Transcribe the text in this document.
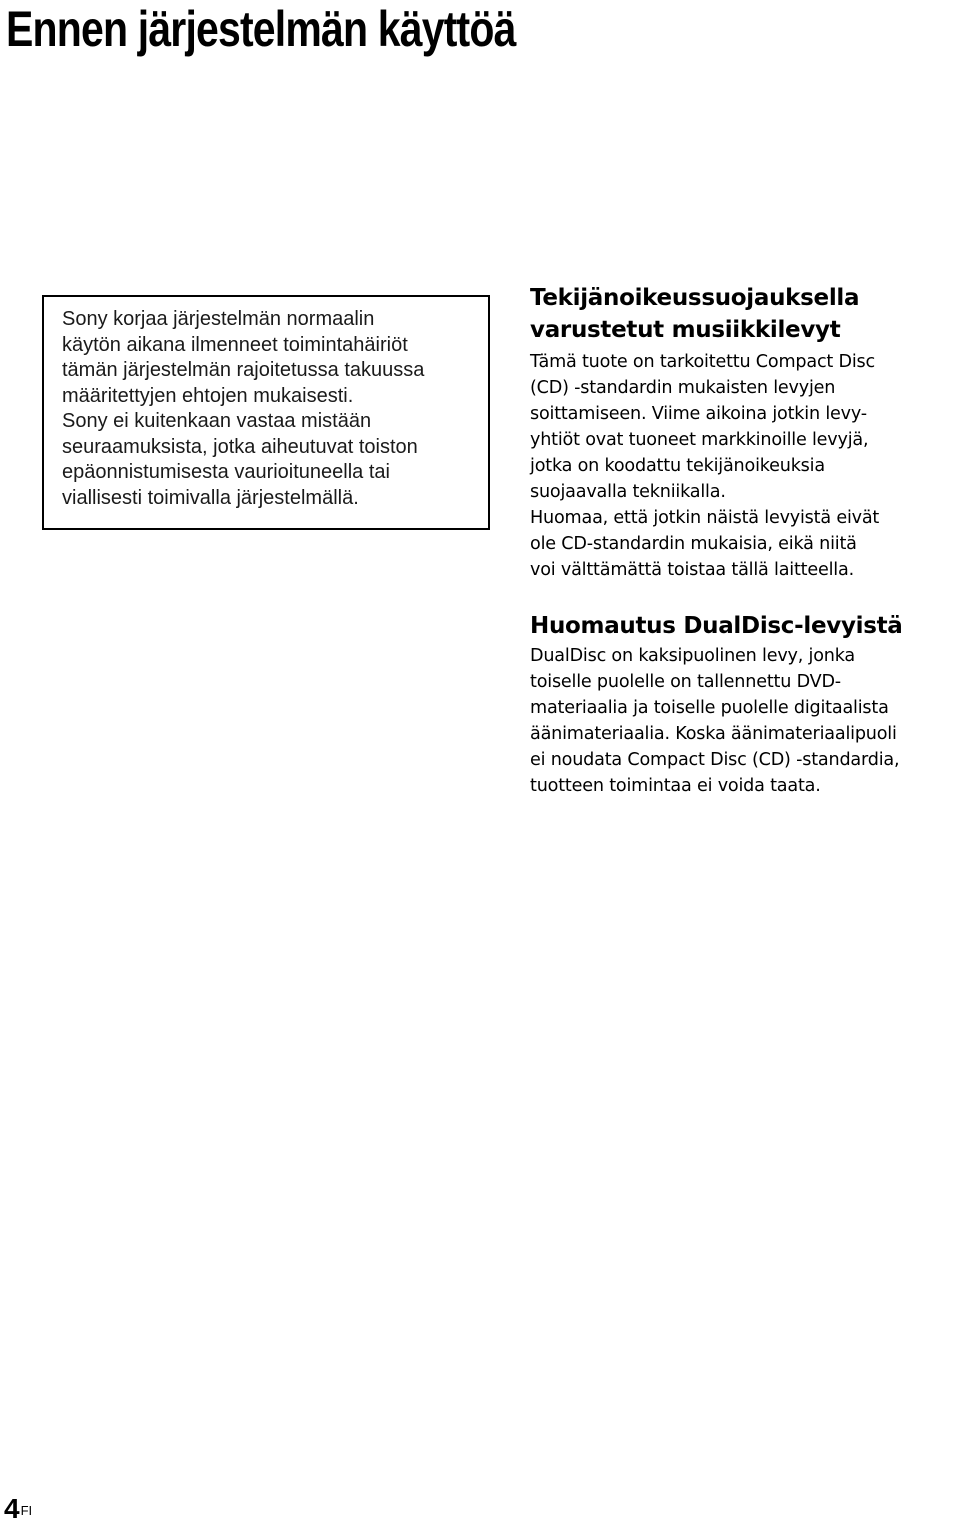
Ennen järjestelmän käyttöä
Sony korjaa järjestelmän normaalin
käytön aikana ilmenneet toimintahäiriöt
tämän järjestelmän rajoitetussa takuussa
määritettyjen ehtojen mukaisesti.
Sony ei kuitenkaan vastaa mistään
seuraamuksista, jotka aiheutuvat toiston
epäonnistumisesta vaurioituneella tai
viallisesti toimivalla järjestelmällä.
Tekijänoikeussuojauksella
varustetut musiikkilevyt
Tämä tuote on tarkoitettu Compact Disc
(CD) -standardin mukaisten levyjen
soittamiseen. Viime aikoina jotkin levy-
yhtiöt ovat tuoneet markkinoille levyjä,
jotka on koodattu tekijänoikeuksia
suojaavalla tekniikalla.
Huomaa, että jotkin näistä levyistä eivät
ole CD-standardin mukaisia, eikä niitä
voi välttämättä toistaa tällä laitteella.
Huomautus DualDisc-levyistä
DualDisc on kaksipuolinen levy, jonka
toiselle puolelle on tallennettu DVD-
materiaalia ja toiselle puolelle digitaalista
äänimateriaalia. Koska äänimateriaalipuoli
ei noudata Compact Disc (CD) -standardia,
tuotteen toimintaa ei voida taata.
$4^{FI}$
